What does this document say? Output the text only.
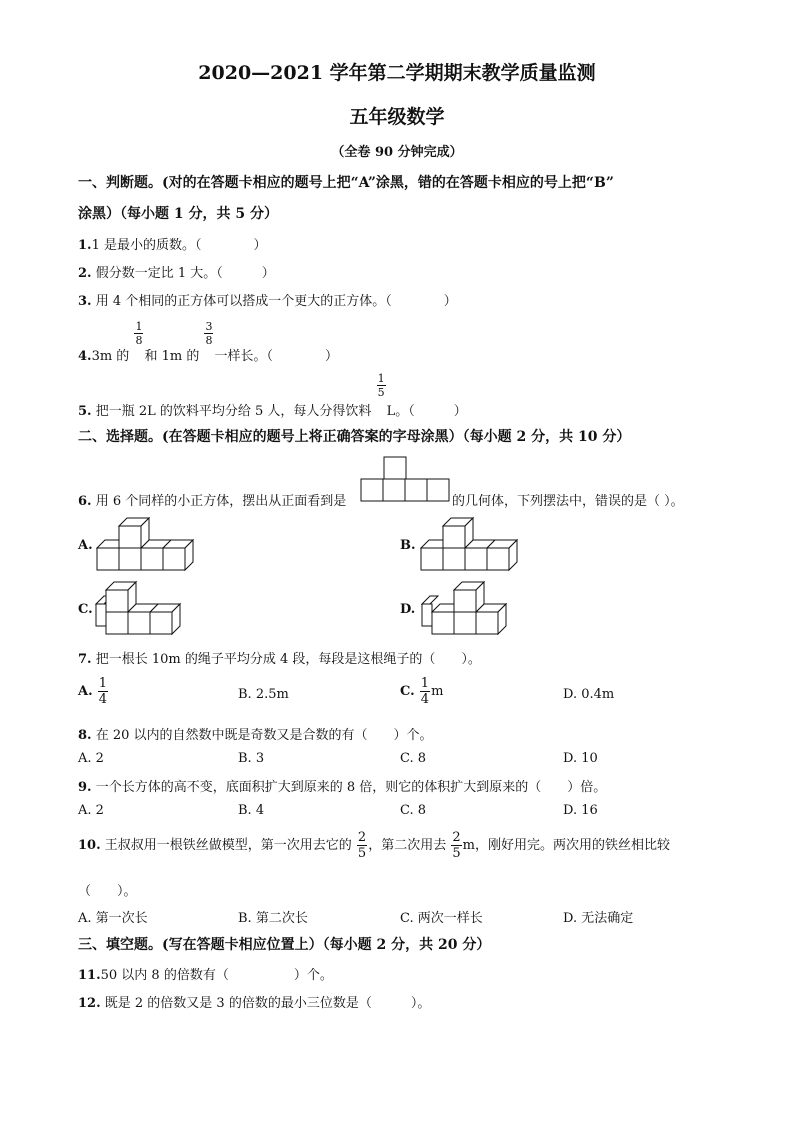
2020—2021 学年第二学期期末教学质量监测
五年级数学
（全卷 90 分钟完成）
一、判断题。(对的在答题卡相应的题号上把“A”涂黑，错的在答题卡相应的号上把“B”
涂黑）（每小题 1 分，共 5 分）
1.1 是最小的质数。（　　　　）
2. 假分数一定比 1 大。（　　　）
3. 用 4 个相同的正方体可以搭成一个更大的正方体。（　　　　）
4.3m 的
$\frac{1}{8}$
和 1m 的
$\frac{3}{8}$
一样长。（　　　　）
5. 把一瓶 2L 的饮料平均分给 5 人，每人分得饮料
$\frac{1}{5}$
L。（　　　）
二、选择题。(在答题卡相应的题号上将正确答案的字母涂黑）（每小题 2 分，共 10 分）
6. 用 6 个同样的小正方体，摆出从正面看到是	的几何体，下列摆法中，错误的是（ ）。
A.	B.
C.	D.
7. 把一根长 10m 的绳子平均分成 4 段，每段是这根绳子的（　　）。
A. $\frac{1}{4}$	B. 2.5m	C. $\frac{1}{4}$ m	D. 0.4m
8. 在 20 以内的自然数中既是奇数又是合数的有（　　）个。
A. 2	B. 3	C. 8	D. 10
9. 一个长方体的高不变，底面积扩大到原来的 8 倍，则它的体积扩大到原来的（　　）倍。
A. 2	B. 4	C. 8	D. 16
10. 王叔叔用一根铁丝做模型，第一次用去它的 $\frac{2}{5}$ ，第二次用去 $\frac{2}{5}$ m，刚好用完。两次用的铁丝相比较
（　　）。
A. 第一次长	B. 第二次长	C. 两次一样长	D. 无法确定
三、填空题。(写在答题卡相应位置上）（每小题 2 分，共 20 分）
11.50 以内 8 的倍数有（　　　　　）个。
12. 既是 2 的倍数又是 3 的倍数的最小三位数是（　　　）。
